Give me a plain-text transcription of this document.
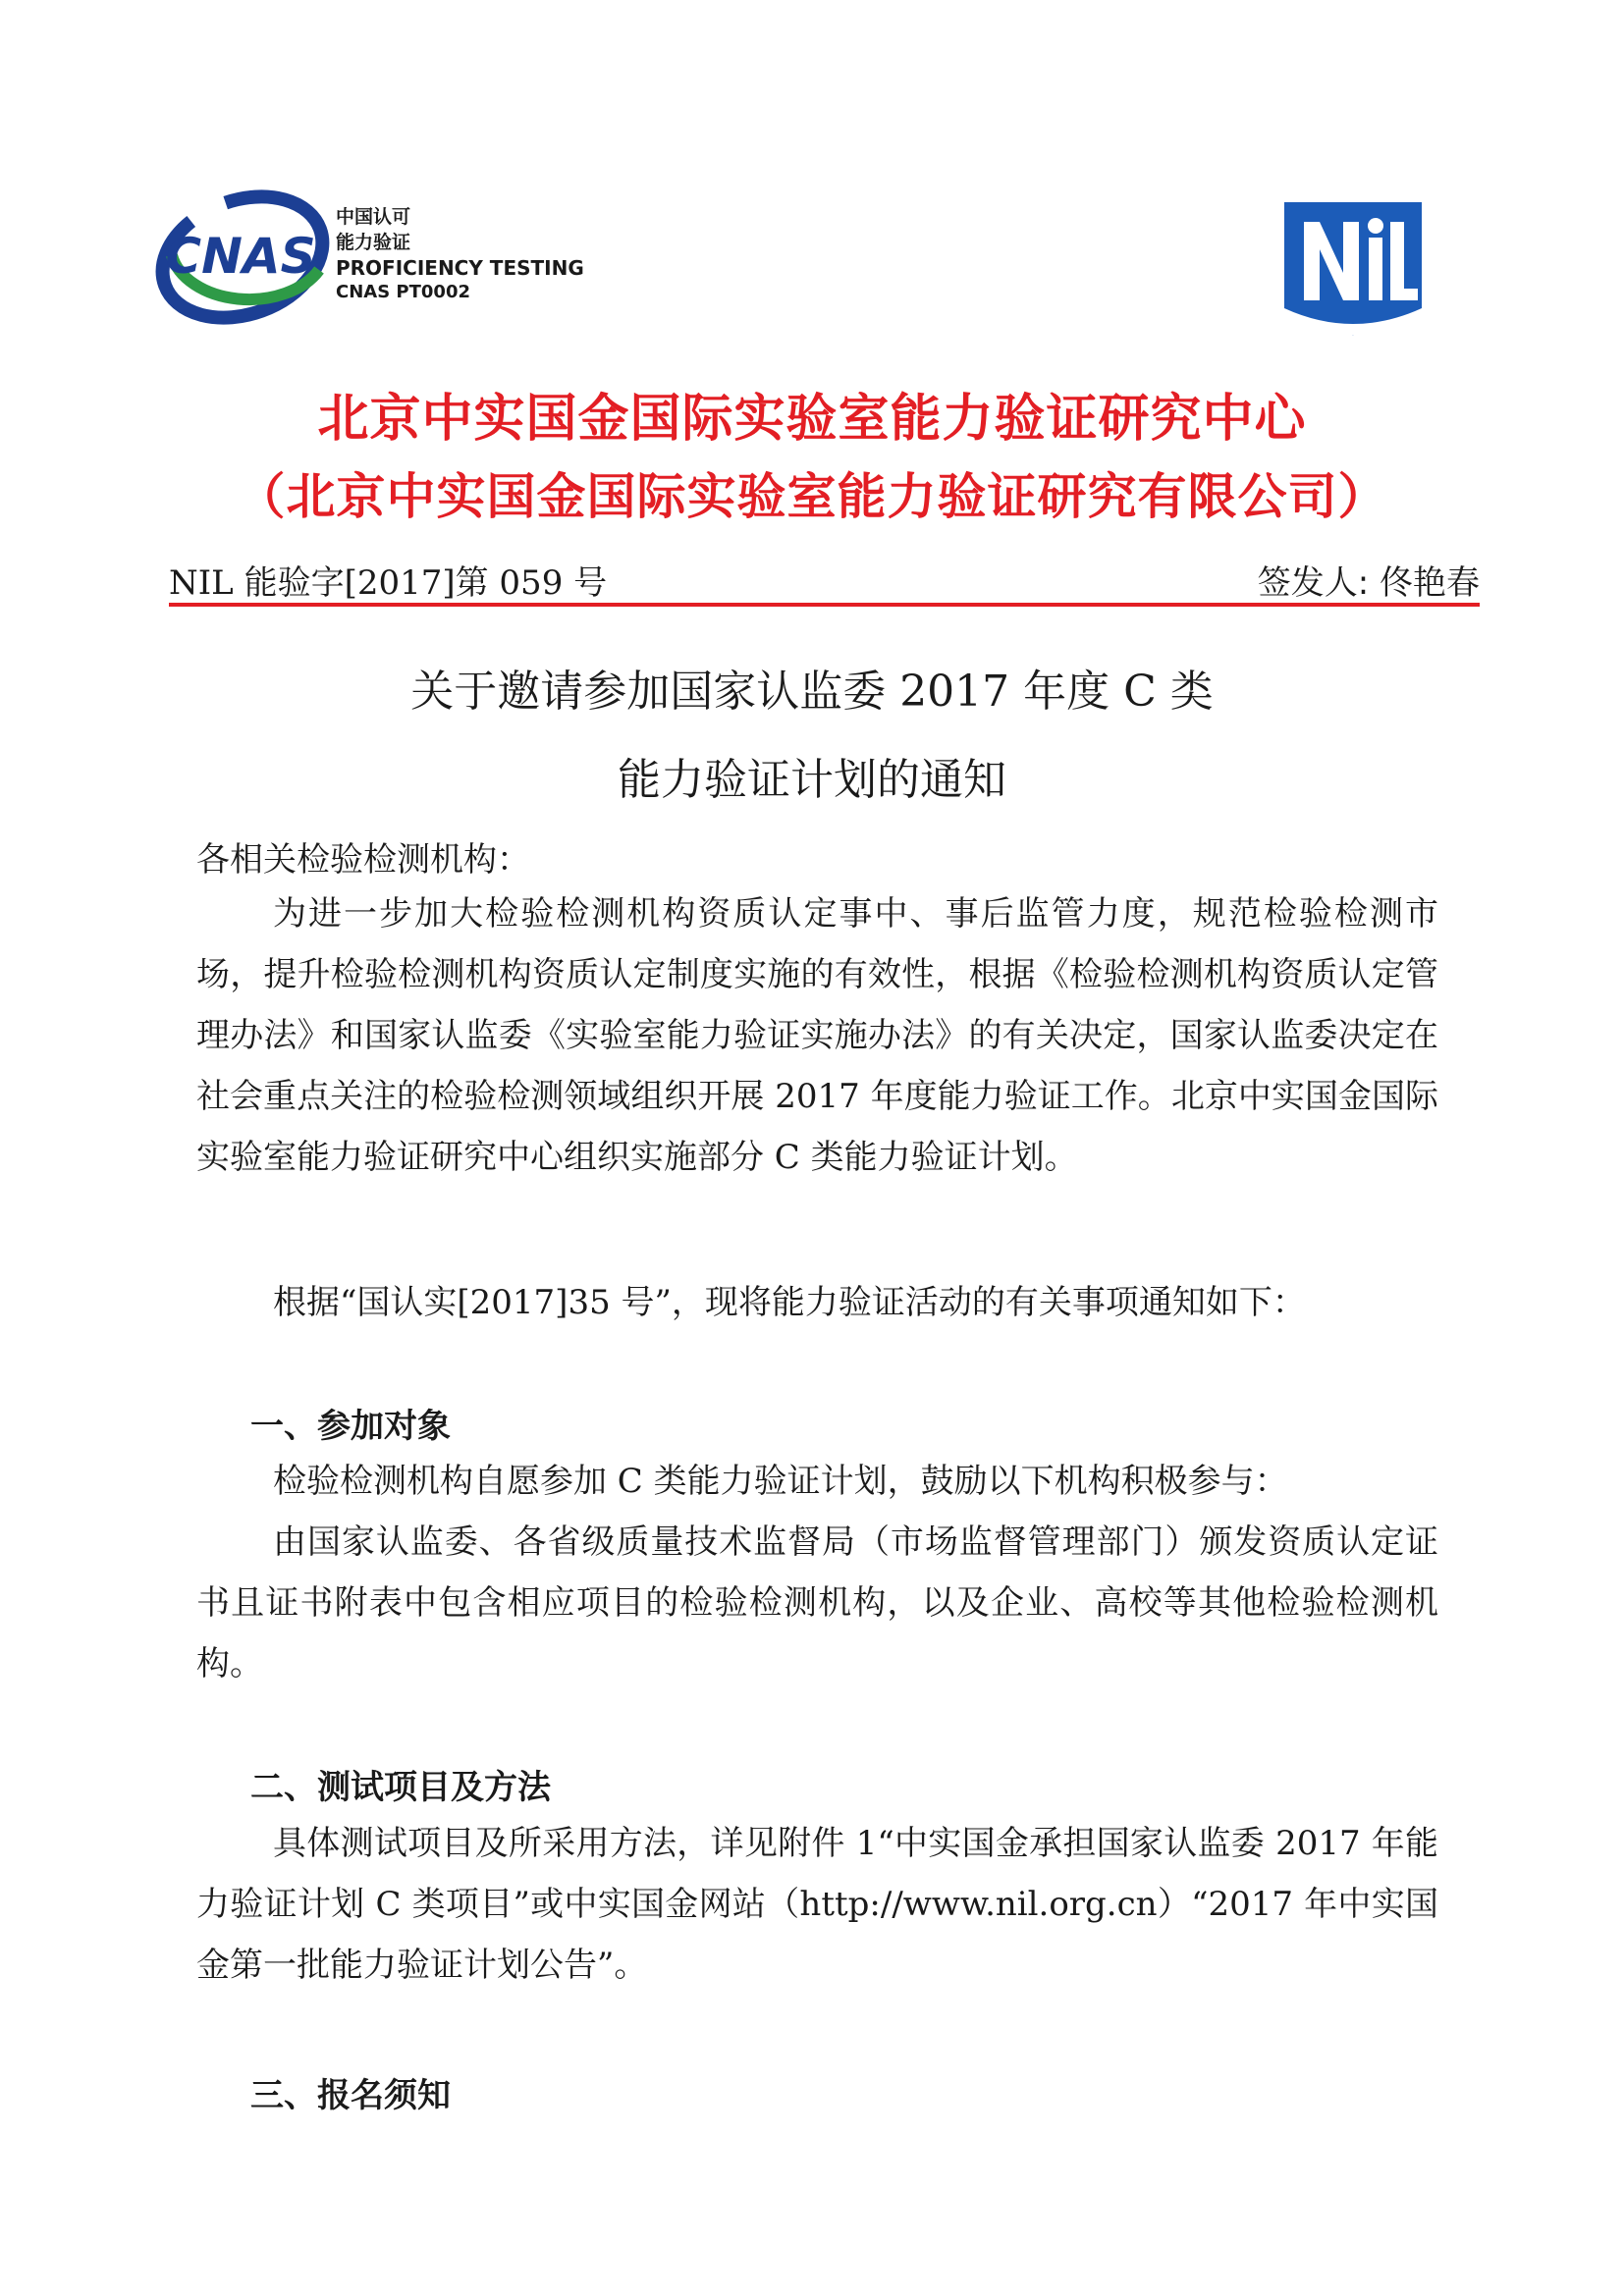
CNAS
中国认可
能力验证
PROFICIENCY TESTING
CNAS PT0002
NIL
北京中实国金国际实验室能力验证研究中心
（北京中实国金国际实验室能力验证研究有限公司）
NIL 能验字[2017]第 059 号	签发人: 佟艳春
关于邀请参加国家认监委 2017 年度 C 类
能力验证计划的通知
各相关检验检测机构：

为进一步加大检验检测机构资质认定事中、事后监管力度，规范检验检测市场，提升检验检测机构资质认定制度实施的有效性，根据《检验检测机构资质认定管理办法》和国家认监委《实验室能力验证实施办法》的有关决定，国家认监委决定在社会重点关注的检验检测领域组织开展 2017 年度能力验证工作。北京中实国金国际实验室能力验证研究中心组织实施部分 C 类能力验证计划。

根据“国认实[2017]35 号”，现将能力验证活动的有关事项通知如下：

一、参加对象

检验检测机构自愿参加 C 类能力验证计划，鼓励以下机构积极参与：

由国家认监委、各省级质量技术监督局（市场监督管理部门）颁发资质认定证书且证书附表中包含相应项目的检验检测机构，以及企业、高校等其他检验检测机构。

二、测试项目及方法

具体测试项目及所采用方法，详见附件 1“中实国金承担国家认监委 2017 年能力验证计划 C 类项目”或中实国金网站（http://www.nil.org.cn）“2017 年中实国金第一批能力验证计划公告”。

三、报名须知
